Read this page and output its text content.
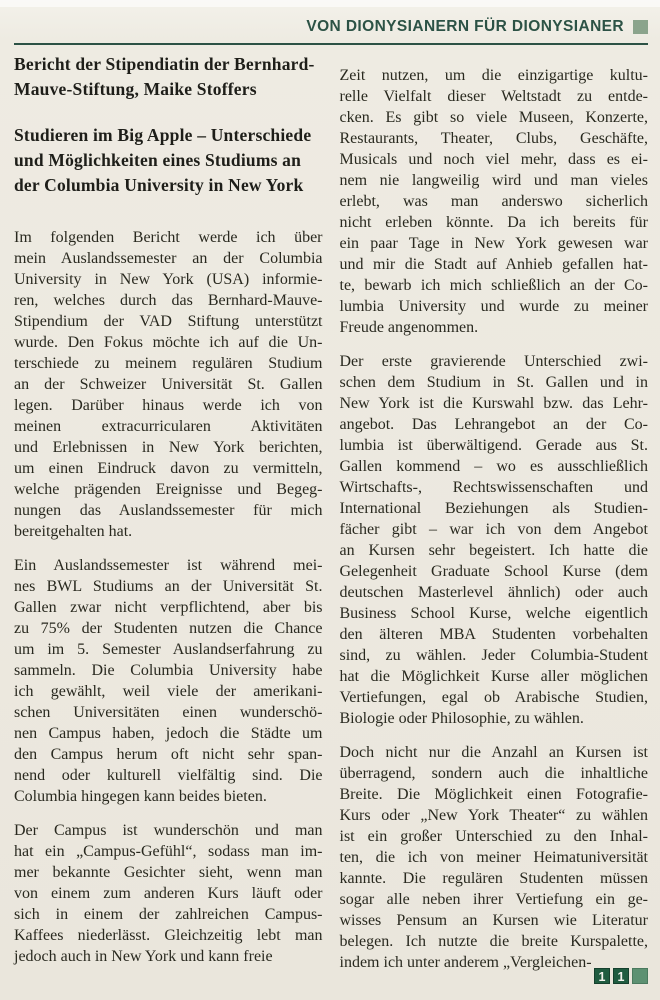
VON DIONYSIANERN FÜR DIONYSIANER
Bericht der Stipendiatin der Bernhard-
Mauve-Stiftung, Maike Stoffers
Studieren im Big Apple – Unterschiede
und Möglichkeiten eines Studiums an
der Columbia University in New York
Im folgenden Bericht werde ich über
mein Auslandssemester an der Columbia
University in New York (USA) informie-
ren, welches durch das Bernhard-Mauve-
Stipendium der VAD Stiftung unterstützt
wurde. Den Fokus möchte ich auf die Un-
terschiede zu meinem regulären Studium
an der Schweizer Universität St. Gallen
legen. Darüber hinaus werde ich von
meinen extracurricularen Aktivitäten
und Erlebnissen in New York berichten,
um einen Eindruck davon zu vermitteln,
welche prägenden Ereignisse und Begeg-
nungen das Auslandssemester für mich
bereitgehalten hat.
Ein Auslandssemester ist während mei-
nes BWL Studiums an der Universität St.
Gallen zwar nicht verpflichtend, aber bis
zu 75% der Studenten nutzen die Chance
um im 5. Semester Auslandserfahrung zu
sammeln. Die Columbia University habe
ich gewählt, weil viele der amerikani-
schen Universitäten einen wunderschö-
nen Campus haben, jedoch die Städte um
den Campus herum oft nicht sehr span-
nend oder kulturell vielfältig sind. Die
Columbia hingegen kann beides bieten.
Der Campus ist wunderschön und man
hat ein „Campus-Gefühl“, sodass man im-
mer bekannte Gesichter sieht, wenn man
von einem zum anderen Kurs läuft oder
sich in einem der zahlreichen Campus-
Kaffees niederlässt. Gleichzeitig lebt man
jedoch auch in New York und kann freie
Zeit nutzen, um die einzigartige kultu-
relle Vielfalt dieser Weltstadt zu entde-
cken. Es gibt so viele Museen, Konzerte,
Restaurants, Theater, Clubs, Geschäfte,
Musicals und noch viel mehr, dass es ei-
nem nie langweilig wird und man vieles
erlebt, was man anderswo sicherlich
nicht erleben könnte. Da ich bereits für
ein paar Tage in New York gewesen war
und mir die Stadt auf Anhieb gefallen hat-
te, bewarb ich mich schließlich an der Co-
lumbia University und wurde zu meiner
Freude angenommen.
Der erste gravierende Unterschied zwi-
schen dem Studium in St. Gallen und in
New York ist die Kurswahl bzw. das Lehr-
angebot. Das Lehrangebot an der Co-
lumbia ist überwältigend. Gerade aus St.
Gallen kommend – wo es ausschließlich
Wirtschafts-, Rechtswissenschaften und
International Beziehungen als Studien-
fächer gibt – war ich von dem Angebot
an Kursen sehr begeistert. Ich hatte die
Gelegenheit Graduate School Kurse (dem
deutschen Masterlevel ähnlich) oder auch
Business School Kurse, welche eigentlich
den älteren MBA Studenten vorbehalten
sind, zu wählen. Jeder Columbia-Student
hat die Möglichkeit Kurse aller möglichen
Vertiefungen, egal ob Arabische Studien,
Biologie oder Philosophie, zu wählen.
Doch nicht nur die Anzahl an Kursen ist
überragend, sondern auch die inhaltliche
Breite. Die Möglichkeit einen Fotografie-
Kurs oder „New York Theater“ zu wählen
ist ein großer Unterschied zu den Inhal-
ten, die ich von meiner Heimatuniversität
kannte. Die regulären Studenten müssen
sogar alle neben ihrer Vertiefung ein ge-
wisses Pensum an Kursen wie Literatur
belegen. Ich nutzte die breite Kurspalette,
indem ich unter anderem „Vergleichen-
1 1
